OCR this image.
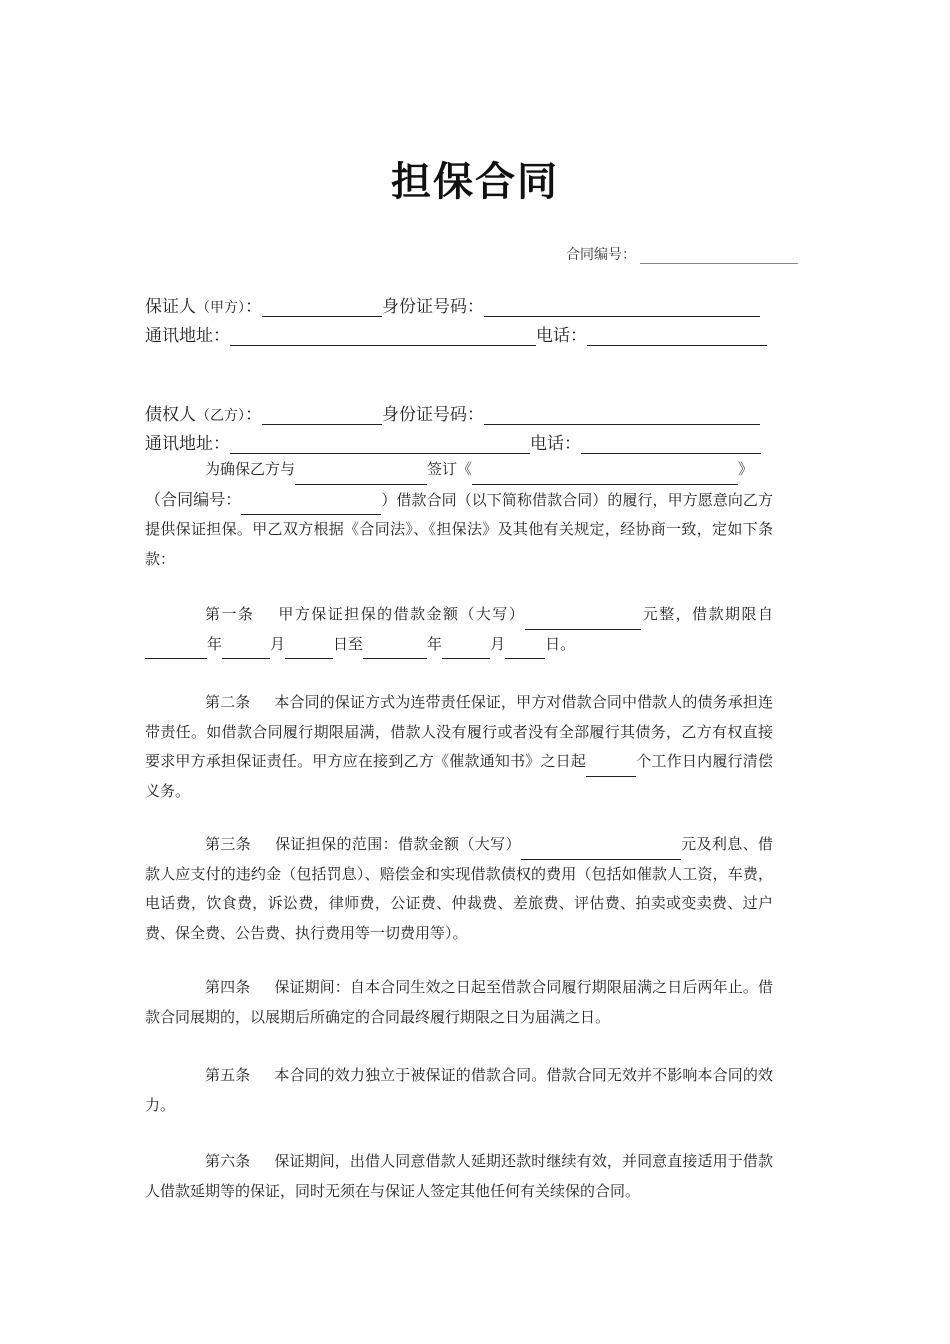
担保合同
合同编号：
保证人（甲方）：	身份证号码：
通讯地址：	电话：
债权人（乙方）：	身份证号码：
通讯地址：	电话：

为确保乙方与	签订《	》

（合同编号：	）借款合同（以下简称借款合同）的履行，甲方愿意向乙方提供保证担保。甲乙双方根据《合同法》、《担保法》及其他有关规定，经协商一致，定如下条款：

第一条 甲方保证担保的借款金额（大写）	元整，借款期限自年	月	日至	年	月	日。

第二条 本合同的保证方式为连带责任保证，甲方对借款合同中借款人的债务承担连带责任。如借款合同履行期限届满，借款人没有履行或者没有全部履行其债务，乙方有权直接要求甲方承担保证责任。甲方应在接到乙方《催款通知书》之日起	个工作日内履行清偿义务。

第三条 保证担保的范围：借款金额（大写）	元及利息、借款人应支付的违约金（包括罚息）、赔偿金和实现借款债权的费用（包括如催款人工资，车费，电话费，饮食费，诉讼费，律师费，公证费、仲裁费、差旅费、评估费、拍卖或变卖费、过户费、保全费、公告费、执行费用等一切费用等）。

第四条 保证期间：自本合同生效之日起至借款合同履行期限届满之日后两年止。借款合同展期的，以展期后所确定的合同最终履行期限之日为届满之日。

第五条 本合同的效力独立于被保证的借款合同。借款合同无效并不影响本合同的效力。

第六条 保证期间，出借人同意借款人延期还款时继续有效，并同意直接适用于借款人借款延期等的保证，同时无须在与保证人签定其他任何有关续保的合同。
